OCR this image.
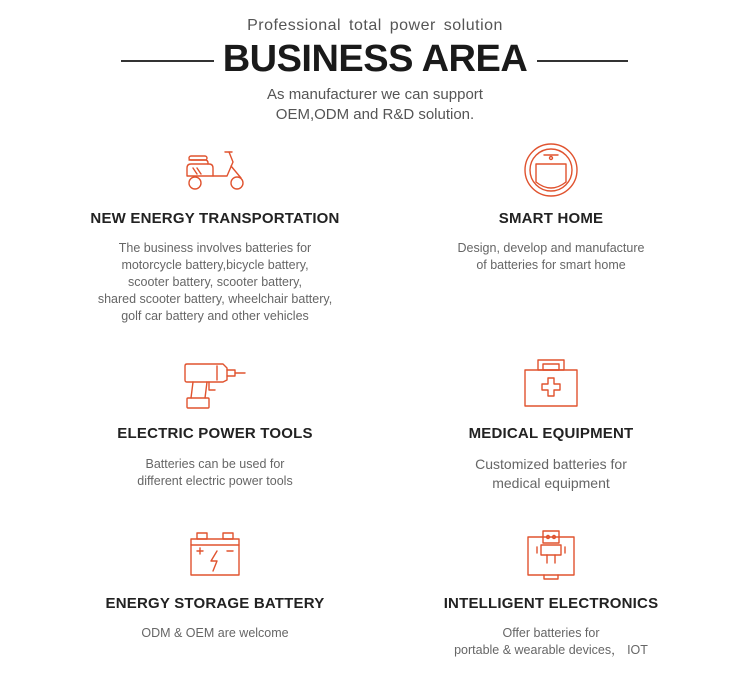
Professional total power solution
BUSINESS AREA
As manufacturer we can support
OEM,ODM and R&D solution.
NEW ENERGY TRANSPORTATION
The business involves batteries for
motorcycle battery,bicycle battery,
scooter battery, scooter battery,
shared scooter battery, wheelchair battery,
golf car battery and other vehicles
SMART HOME
Design, develop and manufacture
of batteries for smart home
ELECTRIC POWER TOOLS
Batteries can be used for
different electric power tools
MEDICAL EQUIPMENT
Customized batteries for
medical equipment
ENERGY STORAGE BATTERY
ODM & OEM are welcome
INTELLIGENT ELECTRONICS
Offer batteries for
portable & wearable devices， IOT
